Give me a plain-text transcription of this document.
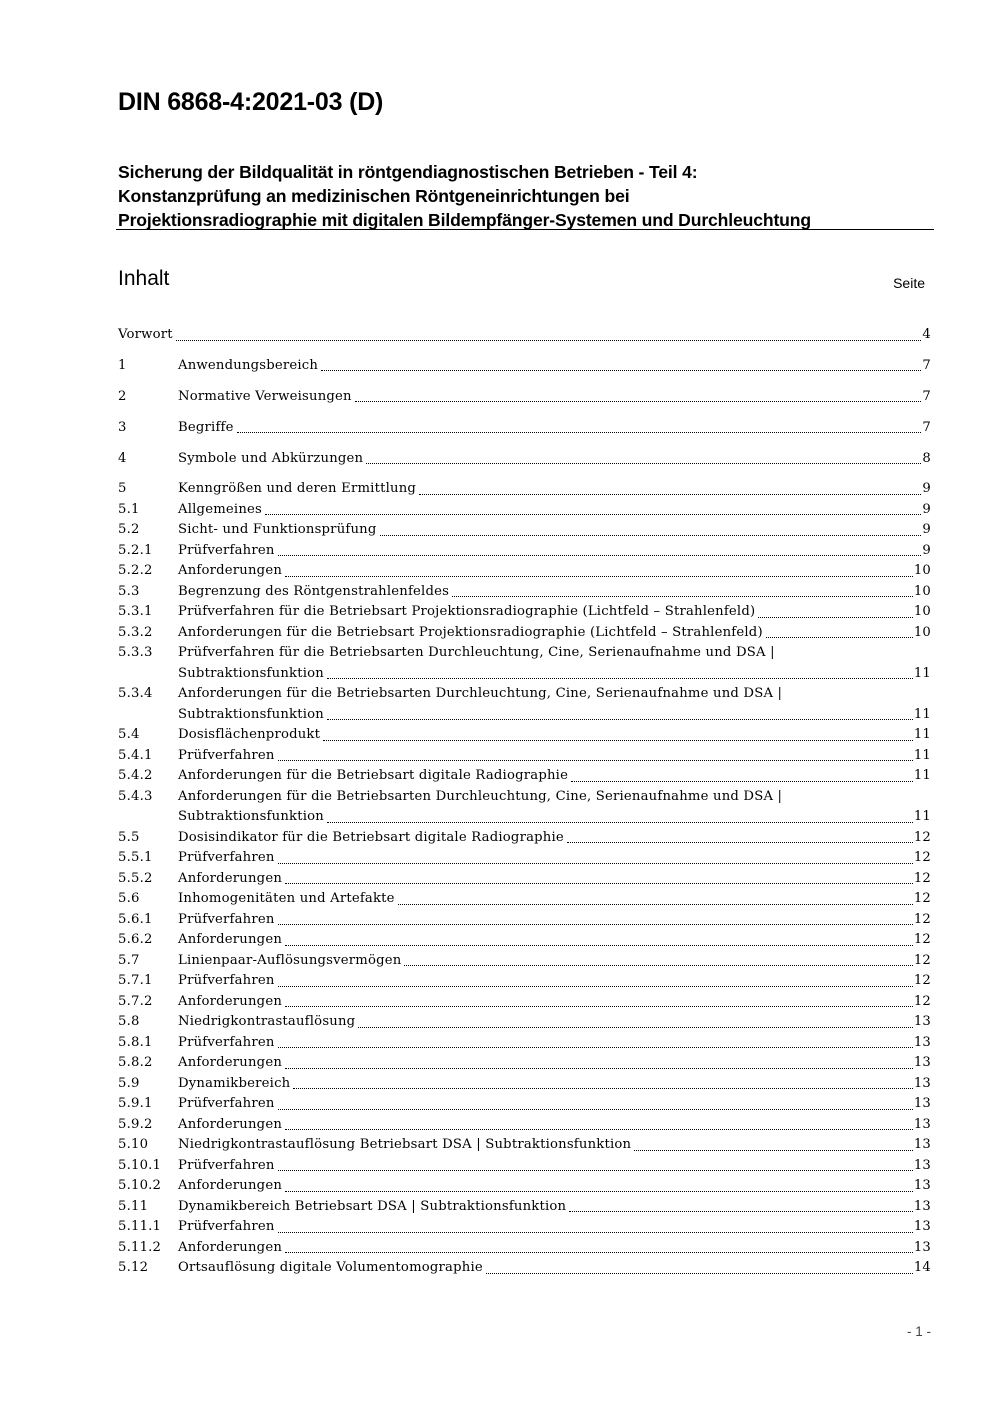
DIN 6868-4:2021-03 (D)
Sicherung der Bildqualität in röntgendiagnostischen Betrieben - Teil 4:
Konstanzprüfung an medizinischen Röntgeneinrichtungen bei
Projektionsradiographie mit digitalen Bildempfänger-Systemen und Durchleuchtung
Inhalt	Seite
Vorwort	4
1	Anwendungsbereich	7
2	Normative Verweisungen	7
3	Begriffe	7
4	Symbole und Abkürzungen	8
5	Kenngrößen und deren Ermittlung	9
5.1	Allgemeines	9
5.2	Sicht- und Funktionsprüfung	9
5.2.1	Prüfverfahren	9
5.2.2	Anforderungen	10
5.3	Begrenzung des Röntgenstrahlenfeldes	10
5.3.1	Prüfverfahren für die Betriebsart Projektionsradiographie (Lichtfeld – Strahlenfeld)	10
5.3.2	Anforderungen für die Betriebsart Projektionsradiographie (Lichtfeld – Strahlenfeld)	10
5.3.3	Prüfverfahren für die Betriebsarten Durchleuchtung, Cine, Serienaufnahme und DSA |
Subtraktionsfunktion	11
5.3.4	Anforderungen für die Betriebsarten Durchleuchtung, Cine, Serienaufnahme und DSA |
Subtraktionsfunktion	11
5.4	Dosisflächenprodukt	11
5.4.1	Prüfverfahren	11
5.4.2	Anforderungen für die Betriebsart digitale Radiographie	11
5.4.3	Anforderungen für die Betriebsarten Durchleuchtung, Cine, Serienaufnahme und DSA |
Subtraktionsfunktion	11
5.5	Dosisindikator für die Betriebsart digitale Radiographie	12
5.5.1	Prüfverfahren	12
5.5.2	Anforderungen	12
5.6	Inhomogenitäten und Artefakte	12
5.6.1	Prüfverfahren	12
5.6.2	Anforderungen	12
5.7	Linienpaar-Auflösungsvermögen	12
5.7.1	Prüfverfahren	12
5.7.2	Anforderungen	12
5.8	Niedrigkontrastauflösung	13
5.8.1	Prüfverfahren	13
5.8.2	Anforderungen	13
5.9	Dynamikbereich	13
5.9.1	Prüfverfahren	13
5.9.2	Anforderungen	13
5.10	Niedrigkontrastauflösung Betriebsart DSA | Subtraktionsfunktion	13
5.10.1	Prüfverfahren	13
5.10.2	Anforderungen	13
5.11	Dynamikbereich Betriebsart DSA | Subtraktionsfunktion	13
5.11.1	Prüfverfahren	13
5.11.2	Anforderungen	13
5.12	Ortsauflösung digitale Volumentomographie	14
- 1 -
